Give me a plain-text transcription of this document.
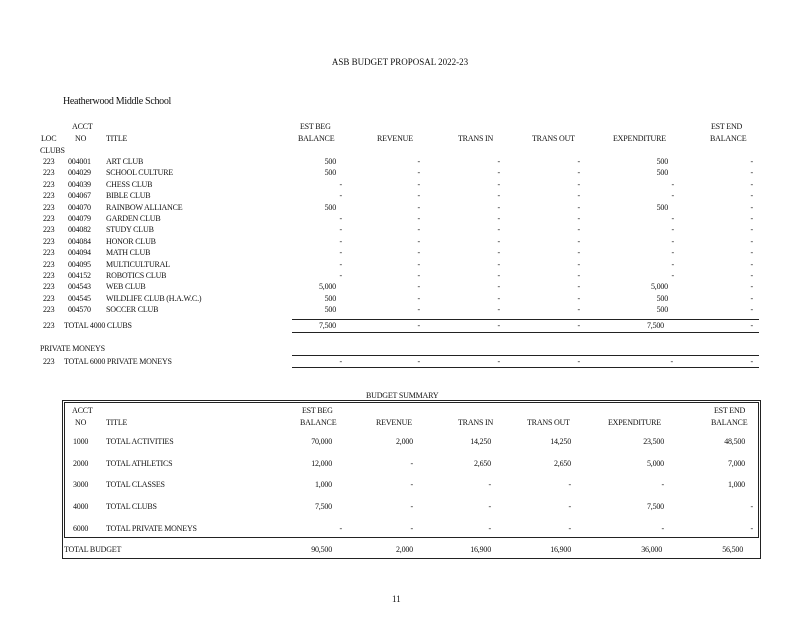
ASB BUDGET PROPOSAL 2022-23
Heatherwood Middle School
ACCT
LOC NO TITLE
EST BEG
BALANCE	REVENUE	TRANS IN	TRANS OUT	EXPENDITURE
EST END
BALANCE
CLUBS
223 004001 ART CLUB	500	-	-	-	500	-
223 004029 SCHOOL CULTURE	500	-	-	-	500	-
223 004039 CHESS CLUB	-	-	-	-	-	-
223 004067 BIBLE CLUB	-	-	-	-	-	-
223 004070 RAINBOW ALLIANCE	500	-	-	-	500	-
223 004079 GARDEN CLUB	-	-	-	-	-	-
223 004082 STUDY CLUB	-	-	-	-	-	-
223 004084 HONOR CLUB	-	-	-	-	-	-
223 004094 MATH CLUB	-	-	-	-	-	-
223 004095 MULTICULTURAL	-	-	-	-	-	-
223 004152 ROBOTICS CLUB	-	-	-	-	-	-
223 004543 WEB CLUB	5,000	-	-	-	5,000	-
223 004545 WILDLIFE CLUB (H.A.W.C.)	500	-	-	-	500	-
223 004570 SOCCER CLUB	500	-	-	-	500	-
223 TOTAL 4000 CLUBS	7,500	-	-	-	7,500	-
PRIVATE MONEYS
223 TOTAL 6000 PRIVATE MONEYS	-	-	-	-	-	-
BUDGET SUMMARY
ACCT
NO TITLE
EST BEG
BALANCE	REVENUE	TRANS IN	TRANS OUT	EXPENDITURE
EST END
BALANCE
1000 TOTAL ACTIVITIES	70,000	2,000	14,250	14,250	23,500	48,500
2000 TOTAL ATHLETICS	12,000	-	2,650	2,650	5,000	7,000
3000 TOTAL CLASSES	1,000	-	-	-	-	1,000
4000 TOTAL CLUBS	7,500	-	-	-	7,500	-
6000 TOTAL PRIVATE MONEYS	-	-	-	-	-	-
TOTAL BUDGET	90,500	2,000	16,900	16,900	36,000	56,500
11
